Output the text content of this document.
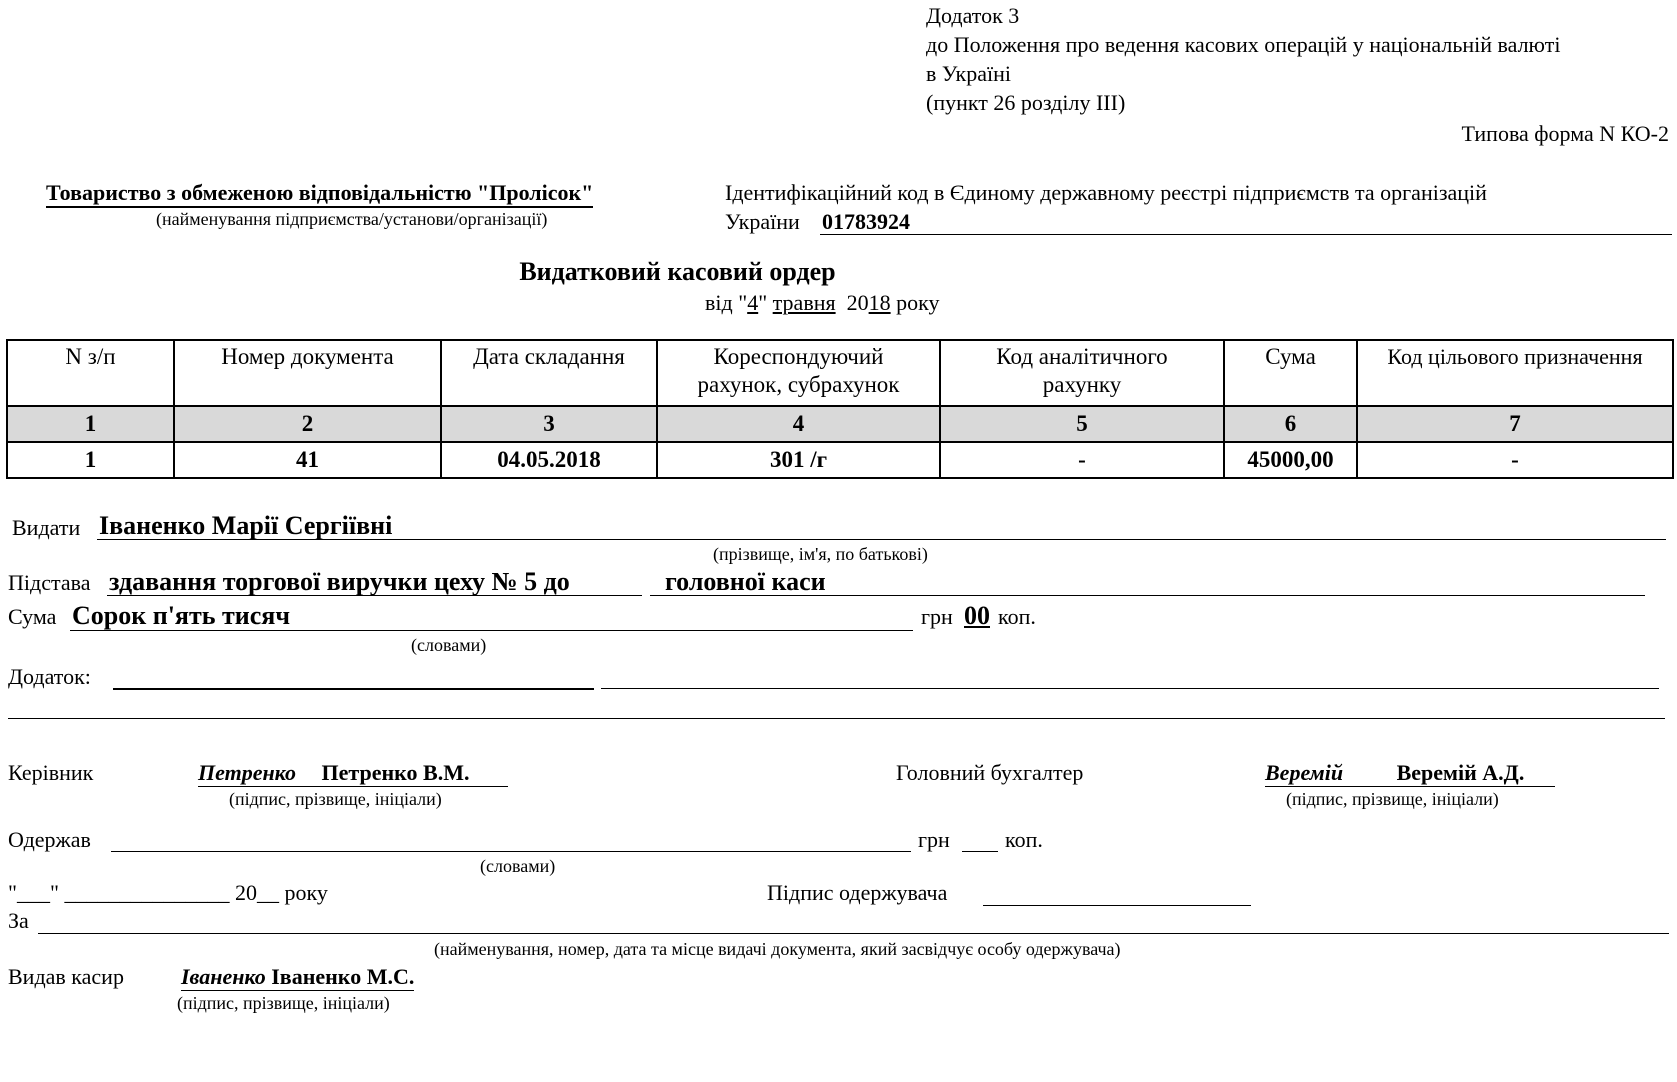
Додаток 3
до Положення про ведення касових операцій у національній валюті
в Україні
(пункт 26 розділу ІІІ)
Типова форма N КО-2
Товариство з обмеженою відповідальністю "Пролісок"
(найменування підприємства/установи/організації)
Ідентифікаційний код в Єдиному державному реєстрі підприємств та організацій
України 01783924
Видатковий касовий ордер
від "4" травня 2018 року
N з/п	Номер документа	Дата складання	Кореспондуючий рахунок, субрахунок	Код аналітичного рахунку	Сума	Код цільового призначення
1	2	3	4	5	6	7
1	41	04.05.2018	301 /г	-	45000,00	-
Видати Іваненко Марії Сергіївні
(прізвище, ім'я, по батькові)
Підстава здавання торгової виручки цеху № 5 до	головної каси
Сума Сорок п'ять тисяч	грн 00 коп.
(словами)
Додаток:
Керівник	Петренко Петренко В.М.
(підпис, прізвище, ініціали)
Головний бухгалтер	Веремій Веремій А.Д.
(підпис, прізвище, ініціали)
Одержав	грн	коп.
(словами)
"___" _______________ 20__ року	Підпис одержувача
За
(найменування, номер, дата та місце видачі документа, який засвідчує особу одержувача)
Видав касир	Іваненко Іваненко М.С.
(підпис, прізвище, ініціали)
